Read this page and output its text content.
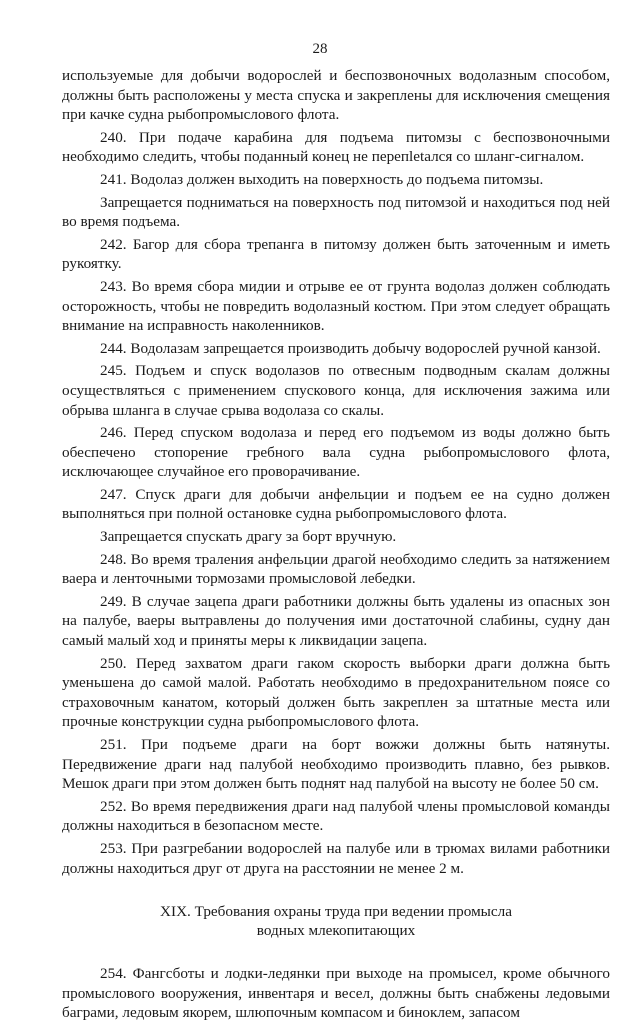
28

используемые для добычи водорослей и беспозвоночных водолазным способом, должны быть расположены у места спуска и закреплены для исключения смещения при качке судна рыбопромыслового флота.

240. При подаче карабина для подъема питомзы с беспозвоночными необходимо следить, чтобы поданный конец не перепletался со шланг-сигналом.

241. Водолаз должен выходить на поверхность до подъема питомзы.

Запрещается подниматься на поверхность под питомзой и находиться под ней во время подъема.

242. Багор для сбора трепанга в питомзу должен быть заточенным и иметь рукоятку.

243. Во время сбора мидии и отрыве ее от грунта водолаз должен соблюдать осторожность, чтобы не повредить водолазный костюм. При этом следует обращать внимание на исправность наколенников.

244. Водолазам запрещается производить добычу водорослей ручной канзой.

245. Подъем и спуск водолазов по отвесным подводным скалам должны осуществляться с применением спускового конца, для исключения зажима или обрыва шланга в случае срыва водолаза со скалы.

246. Перед спуском водолаза и перед его подъемом из воды должно быть обеспечено стопорение гребного вала судна рыбопромыслового флота, исключающее случайное его проворачивание.

247. Спуск драги для добычи анфельции и подъем ее на судно должен выполняться при полной остановке судна рыбопромыслового флота.

Запрещается спускать драгу за борт вручную.

248. Во время траления анфельции драгой необходимо следить за натяжением ваера и ленточными тормозами промысловой лебедки.

249. В случае зацепа драги работники должны быть удалены из опасных зон на палубе, ваеры вытравлены до получения ими достаточной слабины, судну дан самый малый ход и приняты меры к ликвидации зацепа.

250. Перед захватом драги гаком скорость выборки драги должна быть уменьшена до самой малой. Работать необходимо в предохранительном поясе со страховочным канатом, который должен быть закреплен за штатные места или прочные конструкции судна рыбопромыслового флота.

251. При подъеме драги на борт вожжи должны быть натянуты. Передвижение драги над палубой необходимо производить плавно, без рывков. Мешок драги при этом должен быть поднят над палубой на высоту не более 50 см.

252. Во время передвижения драги над палубой члены промысловой команды должны находиться в безопасном месте.

253. При разгребании водорослей на палубе или в трюмах вилами работники должны находиться друг от друга на расстоянии не менее 2 м.

XIX. Требования охраны труда при ведении промысла
водных млекопитающих

254. Фангсботы и лодки-ледянки при выходе на промысел, кроме обычного промыслового вооружения, инвентаря и весел, должны быть снабжены ледовыми баграми, ледовым якорем, шлюпочным компасом и биноклем, запасом
